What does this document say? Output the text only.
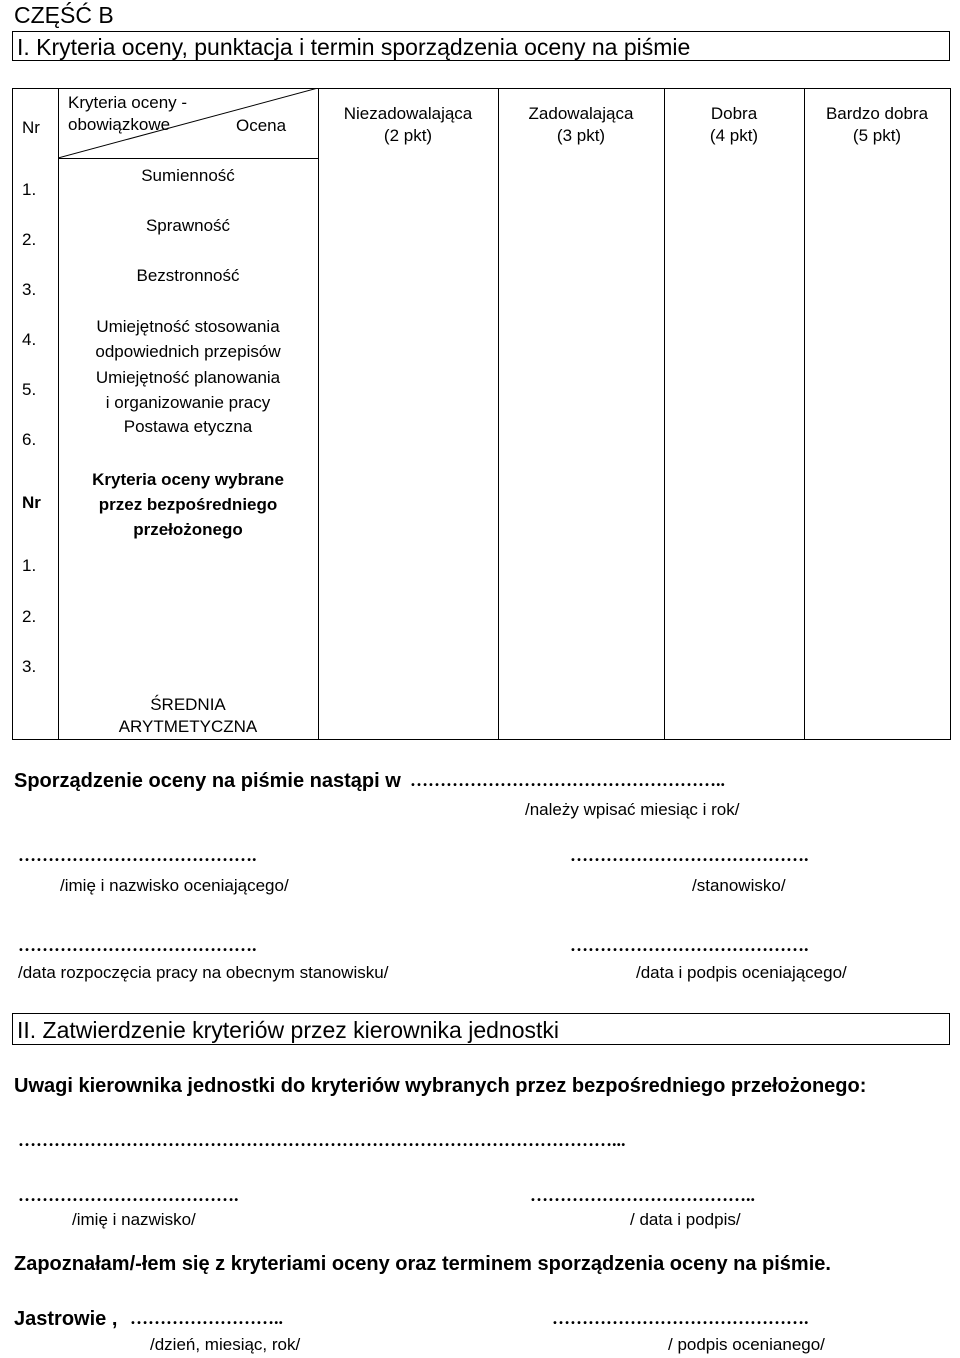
CZĘŚĆ B
I. Kryteria oceny, punktacja i termin sporządzenia oceny na piśmie
Nr
Kryteria oceny -
obowiązkowe	Ocena
Niezadowalająca
(2 pkt)
Zadowalająca
(3 pkt)
Dobra
(4 pkt)
Bardzo dobra
(5 pkt)
1.
Sumienność
2.
Sprawność
3.
Bezstronność
4.
Umiejętność stosowania
odpowiednich przepisów
5.
Umiejętność planowania
i organizowanie pracy
6.
Postawa etyczna
Nr
Kryteria oceny wybrane
przez bezpośredniego
przełożonego
1.
2.
3.
ŚREDNIA
ARYTMETYCZNA
Sporządzenie oceny na piśmie nastąpi w ……………………………………………..
/należy wpisać miesiąc i rok/
………………………………….
/imię i nazwisko oceniającego/
………………………………….
/stanowisko/
………………………………….
/data rozpoczęcia pracy na obecnym stanowisku/
………………………………….
/data i podpis oceniającego/
II. Zatwierdzenie kryteriów przez kierownika jednostki
Uwagi kierownika jednostki do kryteriów wybranych przez bezpośredniego przełożonego:
………………………………………………………………………………………...
……………………………….
/imię i nazwisko/
………………………………..
/ data i podpis/
Zapoznałam/-łem się z kryteriami oceny oraz terminem sporządzenia oceny na piśmie.
Jastrowie , ……………………..
/dzień, miesiąc, rok/
…………………………………….
/ podpis ocenianego/
